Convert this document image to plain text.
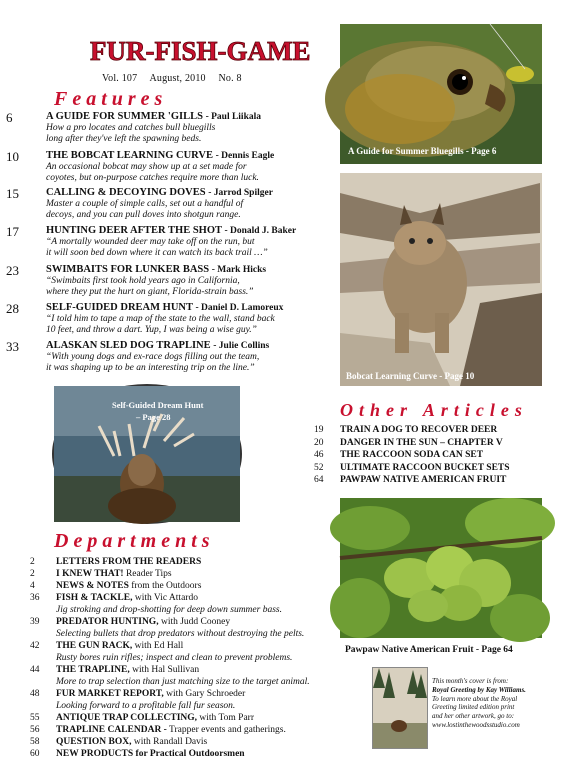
FUR-FISH-GAME
Vol. 107 August, 2010 No. 8
Features
6	A GUIDE FOR SUMMER 'GILLS - Paul Liikala
How a pro locates and catches bull bluegills
long after they've left the spawning beds.
10	THE BOBCAT LEARNING CURVE - Dennis Eagle
An occasional bobcat may show up at a set made for
coyotes, but on-purpose catches require more than luck.
15	CALLING & DECOYING DOVES - Jarrod Spilger
Master a couple of simple calls, set out a handful of
decoys, and you can pull doves into shotgun range.
17	HUNTING DEER AFTER THE SHOT - Donald J. Baker
“A mortally wounded deer may take off on the run, but
it will soon bed down where it can watch its back trail …”
23	SWIMBAITS FOR LUNKER BASS - Mark Hicks
“Swimbaits first took hold years ago in California,
where they put the hurt on giant, Florida-strain bass.”
28	SELF-GUIDED DREAM HUNT - Daniel D. Lamoreux
“I told him to tape a map of the state to the wall, stand back
10 feet, and throw a dart. Yup, I was being a wise guy.”
33	ALASKAN SLED DOG TRAPLINE - Julie Collins
“With young dogs and ex-race dogs filling out the team,
it was shaping up to be an interesting trip on the line.”
A Guide for Summer Bluegills - Page 6
Bobcat Learning Curve - Page 10
Self-Guided Dream Hunt
– Page 28	Other Articles
19 TRAIN A DOG TO RECOVER DEER
20 DANGER IN THE SUN – CHAPTER V
46 THE RACCOON SODA CAN SET
52 ULTIMATE RACCOON BUCKET SETS
64 PAWPAW NATIVE AMERICAN FRUIT
Departments
2	LETTERS FROM THE READERS
2	I KNEW THAT! Reader Tips
4	NEWS & NOTES from the Outdoors
36	FISH & TACKLE, with Vic Attardo
Jig stroking and drop-shotting for deep down summer bass.
39	PREDATOR HUNTING, with Judd Cooney
Selecting bullets that drop predators without destroying the pelts.
42	THE GUN RACK, with Ed Hall
Rusty bores ruin rifles; inspect and clean to prevent problems.
44	THE TRAPLINE, with Hal Sullivan
More to trap selection than just matching size to the target animal.
48	FUR MARKET REPORT, with Gary Schroeder
Looking forward to a profitable fall fur season.
55	ANTIQUE TRAP COLLECTING, with Tom Parr
56	TRAPLINE CALENDAR - Trapper events and gatherings.
58	QUESTION BOX, with Randall Davis
60	NEW PRODUCTS for Practical Outdoorsmen
Pawpaw Native American Fruit - Page 64
This month's cover is from:
Royal Greeting by Kay Williams.
To learn more about the Royal
Greeting limited edition print
and her other artwork, go to:
www.lostinthewoodsstudio.com
